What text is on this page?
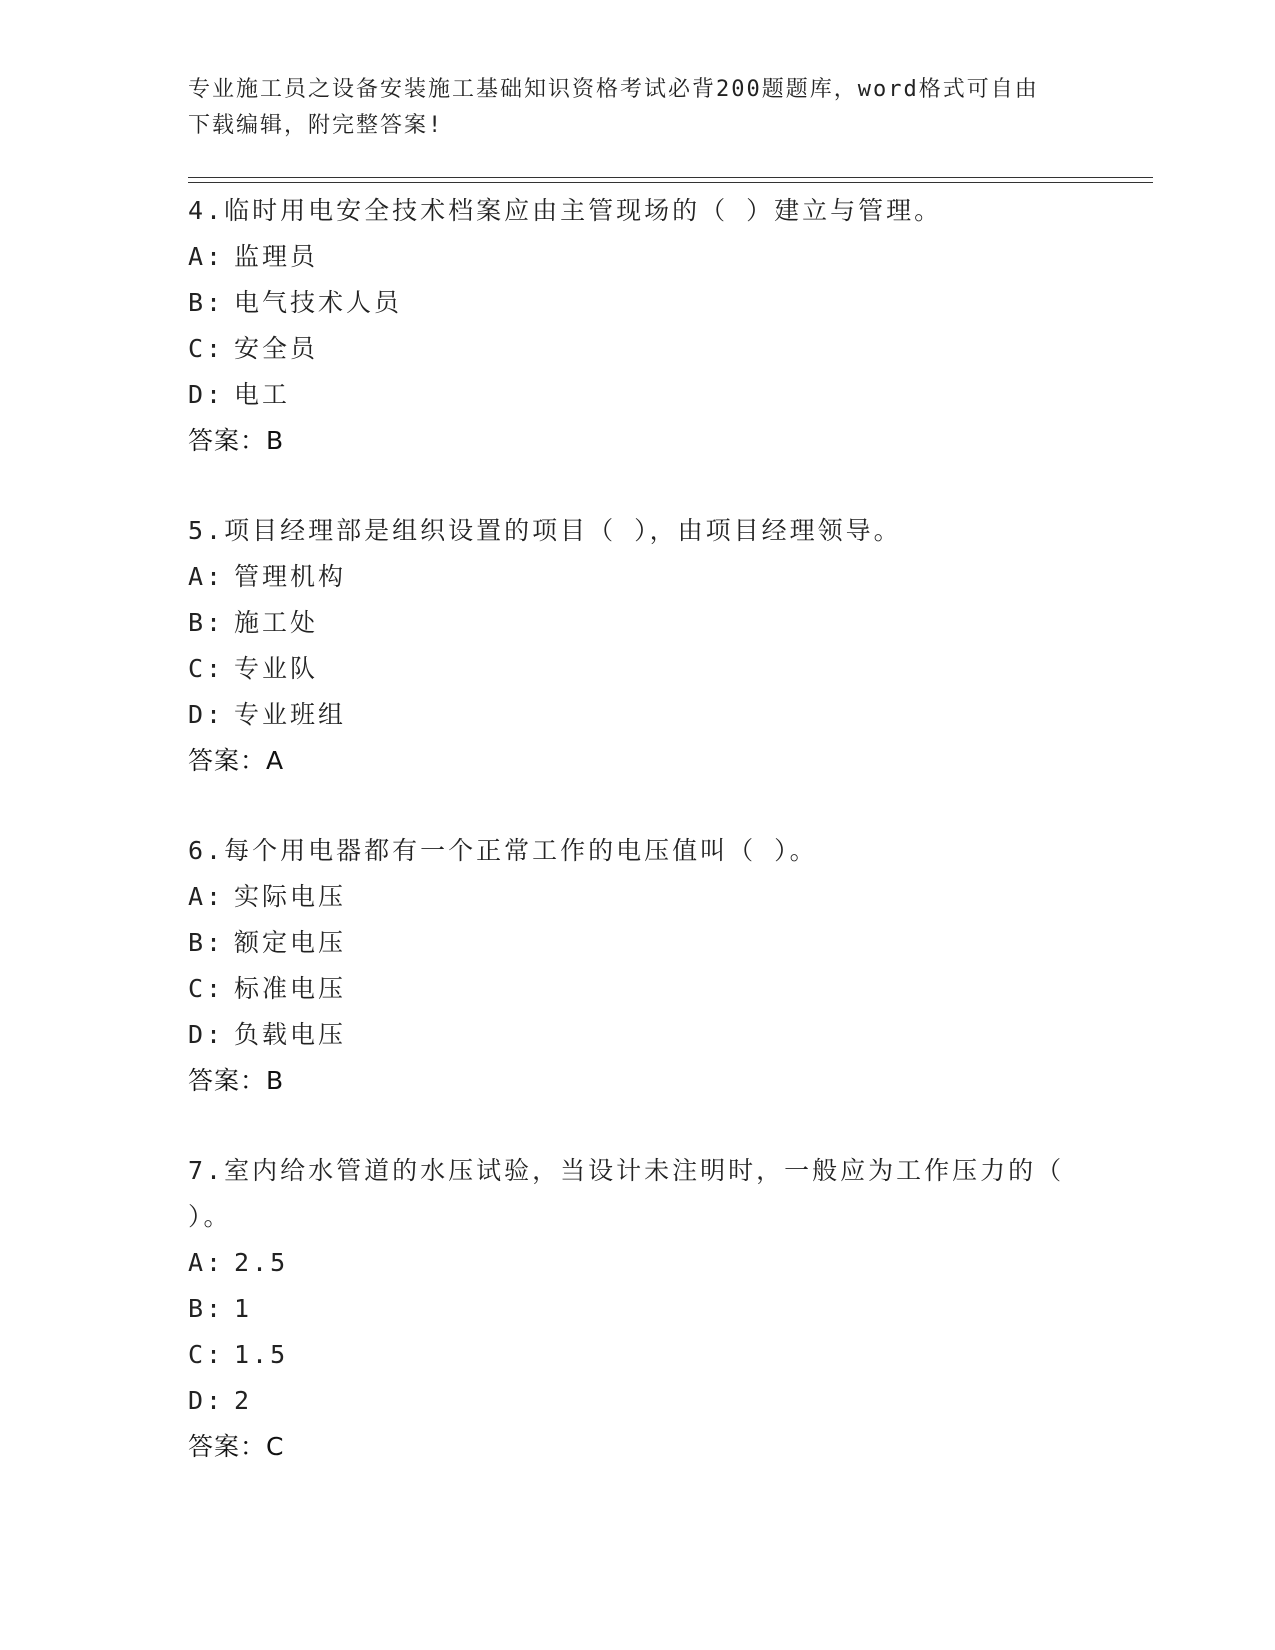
专业施工员之设备安装施工基础知识资格考试必背200题题库，word格式可自由
下载编辑，附完整答案!
4.临时用电安全技术档案应由主管现场的（ ）建立与管理。
A: 监理员
B: 电气技术人员
C: 安全员
D: 电工
答案：B
5.项目经理部是组织设置的项目（ ），由项目经理领导。
A: 管理机构
B: 施工处
C: 专业队
D: 专业班组
答案：A
6.每个用电器都有一个正常工作的电压值叫（ ）。
A: 实际电压
B: 额定电压
C: 标准电压
D: 负载电压
答案：B
7.室内给水管道的水压试验，当设计未注明时，一般应为工作压力的（ ）。
A: 2.5
B: 1
C: 1.5
D: 2
答案：C
